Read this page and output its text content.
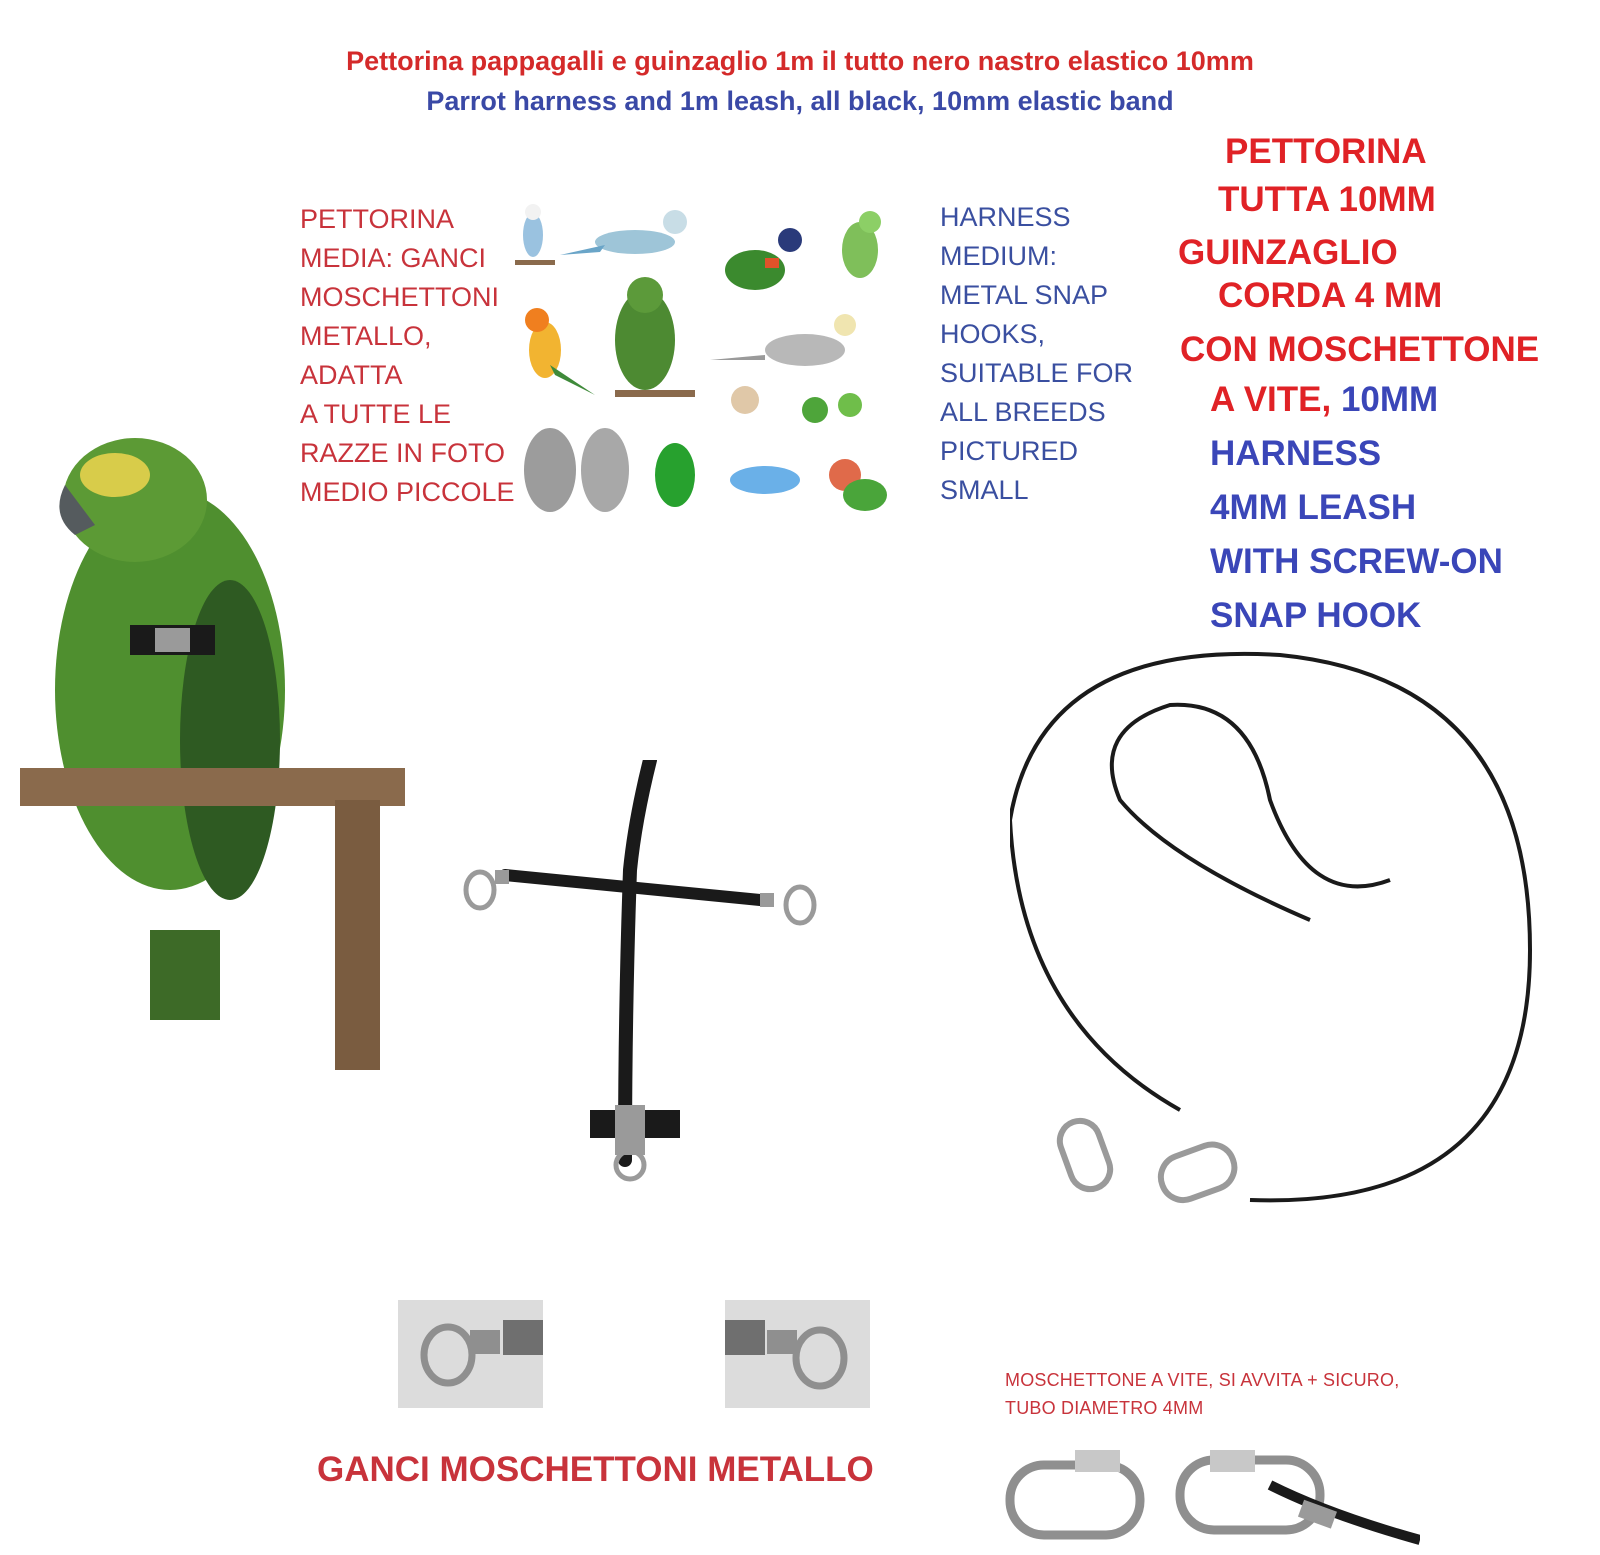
Pettorina pappagalli e guinzaglio 1m il tutto nero nastro elastico 10mm
Parrot harness and 1m leash, all black, 10mm elastic band
PETTORINA
MEDIA: GANCI
MOSCHETTONI
METALLO,
ADATTA
A TUTTE LE
RAZZE IN FOTO
MEDIO PICCOLE
HARNESS
MEDIUM:
METAL SNAP
HOOKS,
SUITABLE FOR
ALL BREEDS
PICTURED
SMALL
PETTORINA
TUTTA 10MM
GUINZAGLIO
CORDA 4 MM
CON MOSCHETTONE
A VITE, 10MM
HARNESS
4MM LEASH
WITH SCREW-ON
SNAP HOOK
GANCI MOSCHETTONI METALLO
MOSCHETTONE A VITE, SI AVVITA + SICURO,
TUBO DIAMETRO 4MM
